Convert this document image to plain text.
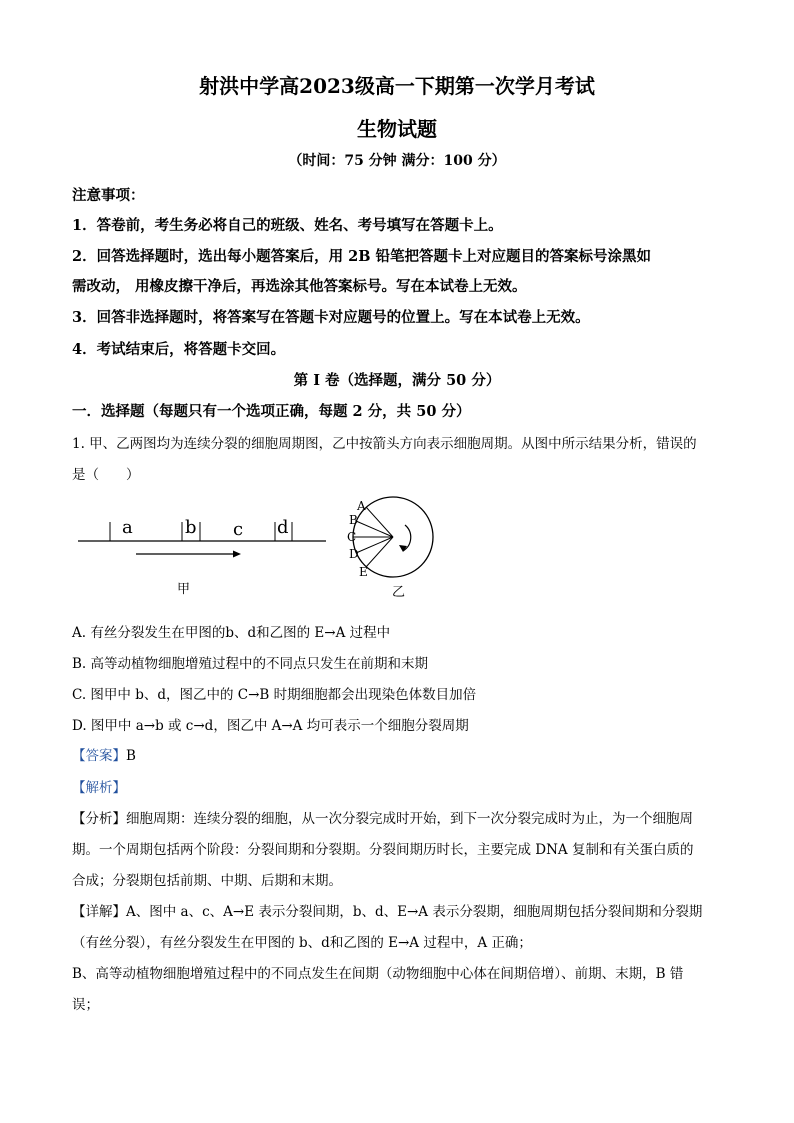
射洪中学高2023级高一下期第一次学月考试
生物试题
（时间：75 分钟 满分：100 分）
注意事项：
1．答卷前，考生务必将自己的班级、姓名、考号填写在答题卡上。
2．回答选择题时，选出每小题答案后，用 2B 铅笔把答题卡上对应题目的答案标号涂黑如
需改动， 用橡皮擦干净后，再选涂其他答案标号。写在本试卷上无效。
3．回答非选择题时，将答案写在答题卡对应题号的位置上。写在本试卷上无效。
4．考试结束后，将答题卡交回。
第 I 卷（选择题，满分 50 分）
一．选择题（每题只有一个选项正确，每题 2 分，共 50 分）
1. 甲、乙两图均为连续分裂的细胞周期图，乙中按箭头方向表示细胞周期。从图中所示结果分析，错误的
是（　　）
a	b c d
甲
A
B
C
D
E
乙
A. 有丝分裂发生在甲图的b、d和乙图的 E→A 过程中
B. 高等动植物细胞增殖过程中的不同点只发生在前期和末期
C. 图甲中 b、d，图乙中的 C→B 时期细胞都会出现染色体数目加倍
D. 图甲中 a→b 或 c→d，图乙中 A→A 均可表示一个细胞分裂周期
【答案】B
【解析】
【分析】细胞周期：连续分裂的细胞，从一次分裂完成时开始，到下一次分裂完成时为止，为一个细胞周
期。一个周期包括两个阶段：分裂间期和分裂期。分裂间期历时长，主要完成 DNA 复制和有关蛋白质的
合成；分裂期包括前期、中期、后期和末期。
【详解】A、图中 a、c、A→E 表示分裂间期，b、d、E→A 表示分裂期，细胞周期包括分裂间期和分裂期
（有丝分裂），有丝分裂发生在甲图的 b、d和乙图的 E→A 过程中，A 正确；
B、高等动植物细胞增殖过程中的不同点发生在间期（动物细胞中心体在间期倍增）、前期、末期，B 错
误；
